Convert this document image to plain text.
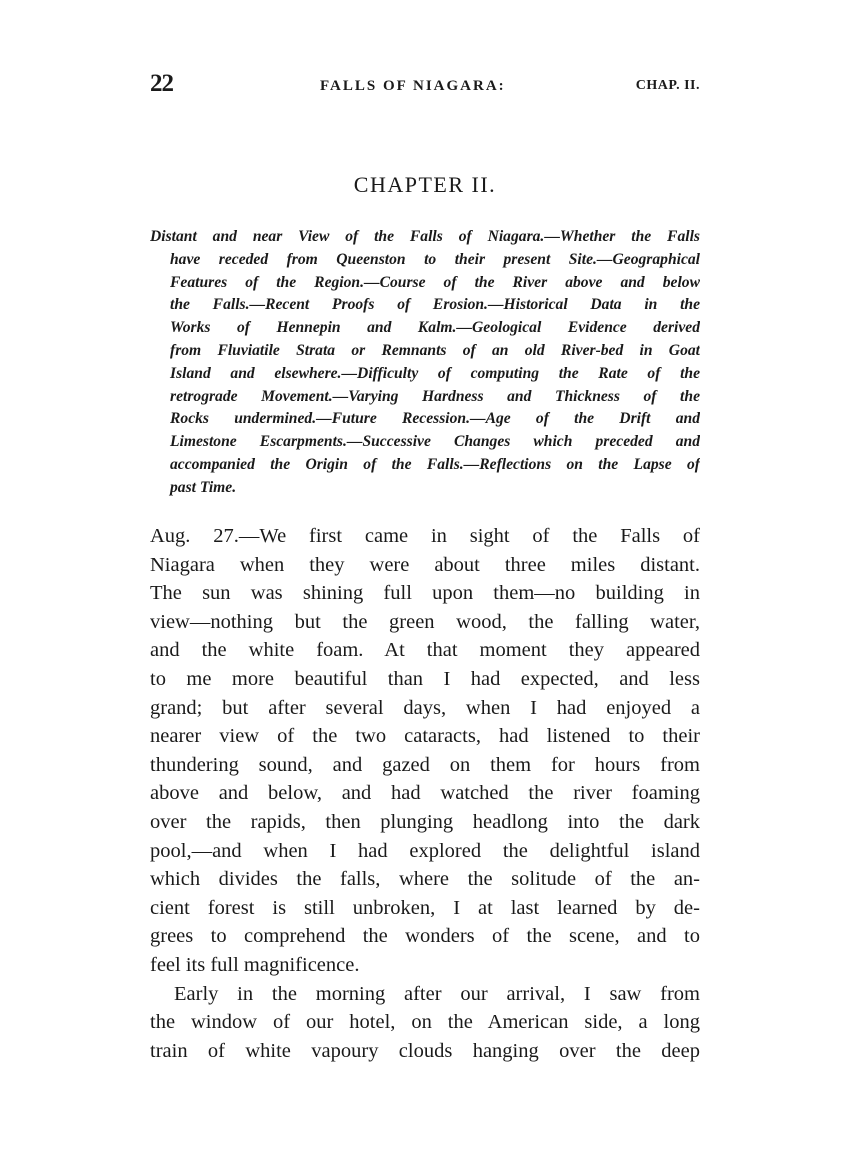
22	FALLS OF NIAGARA:	CHAP. II.
CHAPTER II.
Distant and near View of the Falls of Niagara.—Whether the Falls
have receded from Queenston to their present Site.—Geographical
Features of the Region.—Course of the River above and below
the Falls.—Recent Proofs of Erosion.—Historical Data in the
Works of Hennepin and Kalm.—Geological Evidence derived
from Fluviatile Strata or Remnants of an old River-bed in Goat
Island and elsewhere.—Difficulty of computing the Rate of the
retrograde Movement.—Varying Hardness and Thickness of the
Rocks undermined.—Future Recession.—Age of the Drift and
Limestone Escarpments.—Successive Changes which preceded and
accompanied the Origin of the Falls.—Reflections on the Lapse of
past Time.
Aug. 27.—We first came in sight of the Falls of
Niagara when they were about three miles distant.
The sun was shining full upon them—no building in
view—nothing but the green wood, the falling water,
and the white foam. At that moment they appeared
to me more beautiful than I had expected, and less
grand; but after several days, when I had enjoyed a
nearer view of the two cataracts, had listened to their
thundering sound, and gazed on them for hours from
above and below, and had watched the river foaming
over the rapids, then plunging headlong into the dark
pool,—and when I had explored the delightful island
which divides the falls, where the solitude of the an-
cient forest is still unbroken, I at last learned by de-
grees to comprehend the wonders of the scene, and to
feel its full magnificence.
Early in the morning after our arrival, I saw from
the window of our hotel, on the American side, a long
train of white vapoury clouds hanging over the deep
